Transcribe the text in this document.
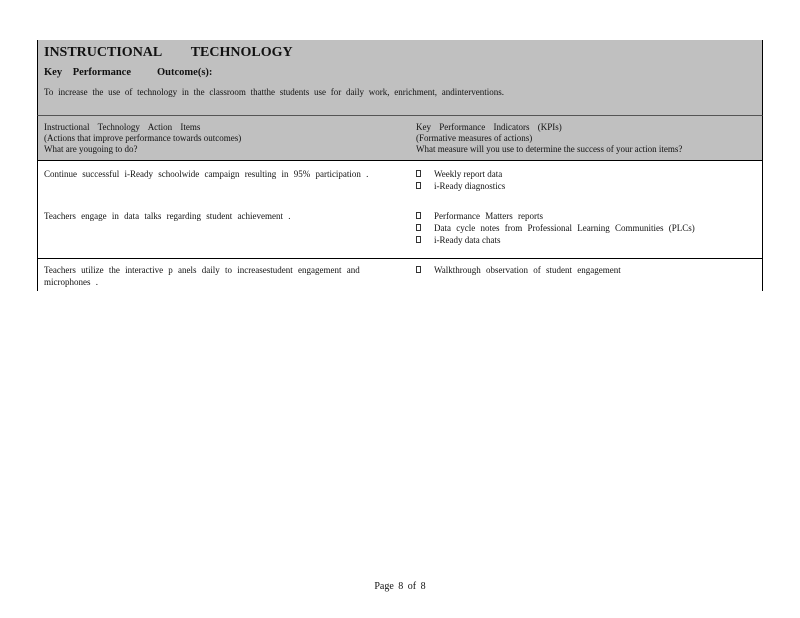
INSTRUCTIONAL TECHNOLOGY
Key Performance Outcome(s):
To increase the use of technology in the classroom thatthe students use for daily work, enrichment, andinterventions.
Instructional Technology Action Items
(Actions that improve performance towards outcomes)
What are yougoing to do?
Key Performance Indicators (KPIs)
(Formative measures of actions)
What measure will you use to determine the success of your action items?
Continue successful i-Ready schoolwide campaign resulting in 95% participation .	Weekly report data
i-Ready diagnostics
Teachers engage in data talks regarding student achievement .	Performance Matters reports
Data cycle notes from Professional Learning Communities (PLCs)
i-Ready data chats
Teachers utilize the interactive p anels daily to increasestudent engagement and
microphones .
Walkthrough observation of student engagement
Page 8 of 8
